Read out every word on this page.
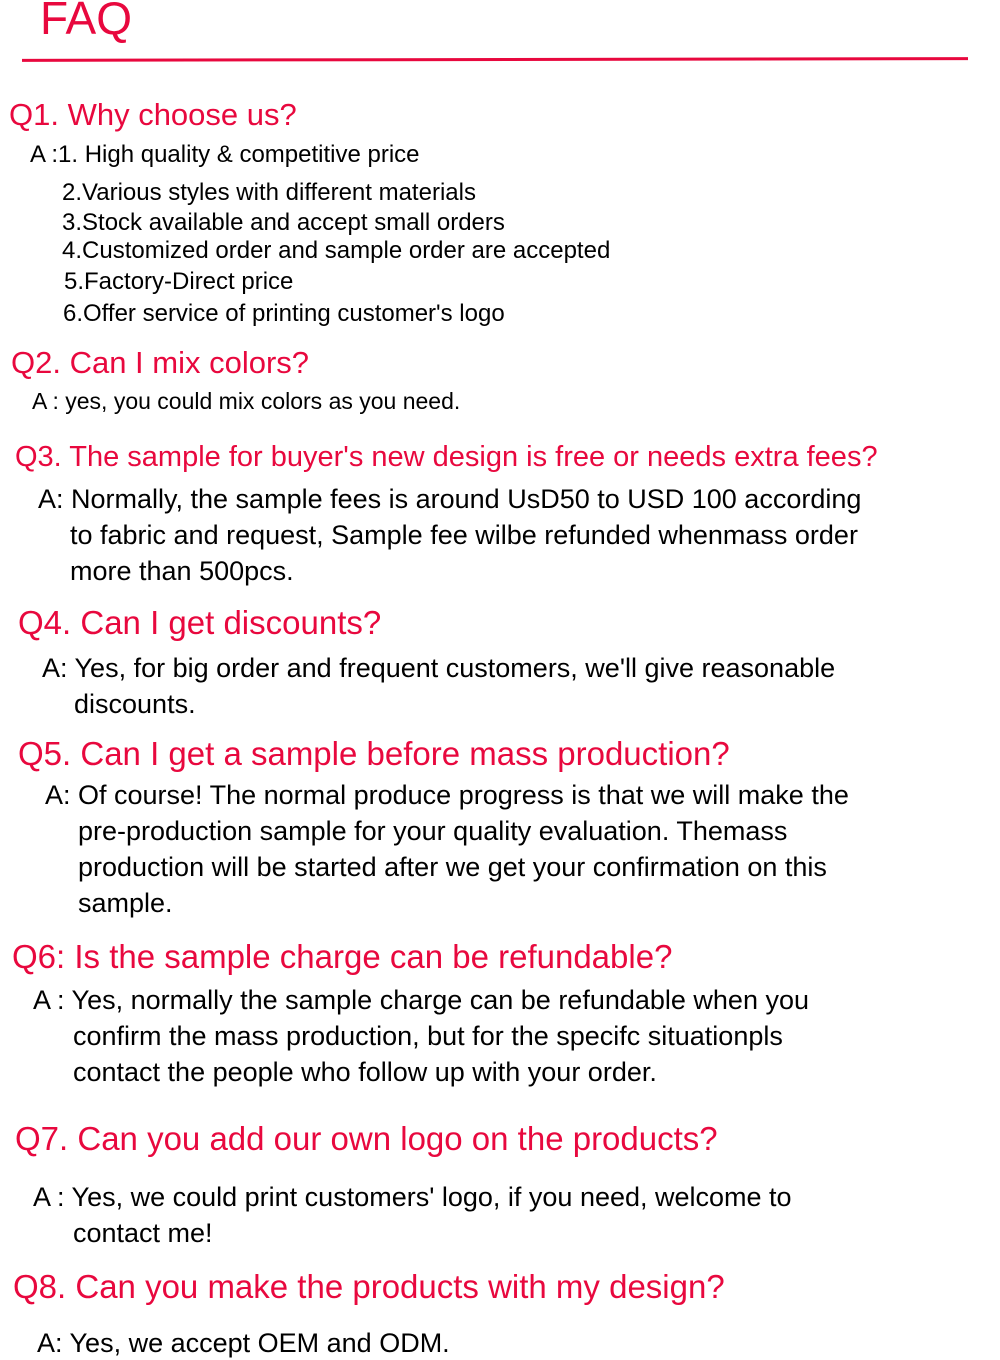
FAQ
Q1. Why choose us?
A :1. High quality & competitive price
2.Various styles with different materials
3.Stock available and accept small orders
4.Customized order and sample order are accepted
5.Factory-Direct price
6.Offer service of printing customer's logo
Q2. Can I mix colors?
A : yes, you could mix colors as you need.
Q3. The sample for buyer's new design is free or needs extra fees?
A: Normally, the sample fees is around UsD50 to USD 100 according
to fabric and request, Sample fee wilbe refunded whenmass order
more than 500pcs.
Q4. Can I get discounts?
A: Yes, for big order and frequent customers, we'll give reasonable
discounts.
Q5. Can I get a sample before mass production?
A: Of course! The normal produce progress is that we will make the
pre-production sample for your quality evaluation. Themass
production will be started after we get your confirmation on this
sample.
Q6: Is the sample charge can be refundable?
A : Yes, normally the sample charge can be refundable when you
confirm the mass production, but for the specifc situationpls
contact the people who follow up with your order.
Q7. Can you add our own logo on the products?
A : Yes, we could print customers' logo, if you need, welcome to
contact me!
Q8. Can you make the products with my design?
A: Yes, we accept OEM and ODM.
